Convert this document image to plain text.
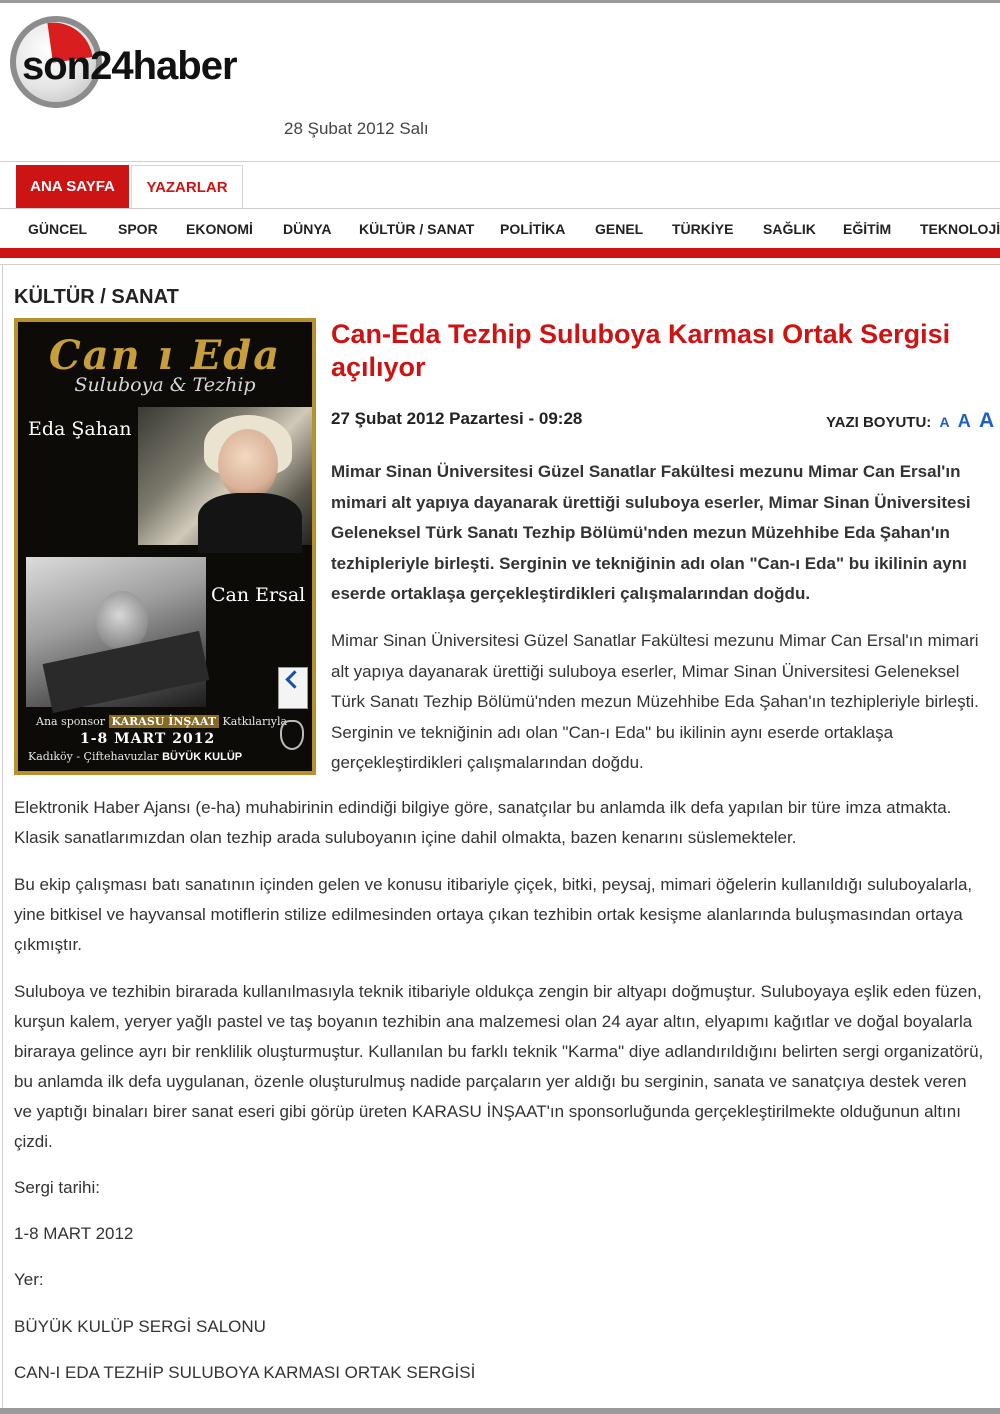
son24haber
28 Şubat 2012 Salı
ANA SAYFA	YAZARLAR
GÜNCEL SPOR EKONOMİ DÜNYA KÜLTÜR / SANAT POLİTİKA GENEL TÜRKİYE SAĞLIK EĞİTİM TEKNOLOJİ
KÜLTÜR / SANAT
Can ı Eda
Suluboya & Tezhip
Eda Şahan
Can Ersal
Ana sponsor KARASU İNŞAAT Katkılarıyla
1-8 MART 2012
Kadıköy - Çiftehavuzlar BÜYÜK KULÜP
Can-Eda Tezhip Suluboya Karması Ortak Sergisi açılıyor
27 Şubat 2012 Pazartesi - 09:28	YAZI BOYUTU: A A A

Mimar Sinan Üniversitesi Güzel Sanatlar Fakültesi mezunu Mimar Can Ersal'ın mimari alt yapıya dayanarak ürettiği suluboya eserler, Mimar Sinan Üniversitesi Geleneksel Türk Sanatı Tezhip Bölümü'nden mezun Müzehhibe Eda Şahan'ın tezhipleriyle birleşti. Serginin ve tekniğinin adı olan "Can-ı Eda" bu ikilinin aynı eserde ortaklaşa gerçekleştirdikleri çalışmalarından doğdu.

Mimar Sinan Üniversitesi Güzel Sanatlar Fakültesi mezunu Mimar Can Ersal'ın mimari alt yapıya dayanarak ürettiği suluboya eserler, Mimar Sinan Üniversitesi Geleneksel Türk Sanatı Tezhip Bölümü'nden mezun Müzehhibe Eda Şahan'ın tezhipleriyle birleşti. Serginin ve tekniğinin adı olan "Can-ı Eda" bu ikilinin aynı eserde ortaklaşa gerçekleştirdikleri çalışmalarından doğdu.

Elektronik Haber Ajansı (e-ha) muhabirinin edindiği bilgiye göre, sanatçılar bu anlamda ilk defa yapılan bir türe imza atmakta. Klasik sanatlarımızdan olan tezhip arada suluboyanın içine dahil olmakta, bazen kenarını süslemekteler.

Bu ekip çalışması batı sanatının içinden gelen ve konusu itibariyle çiçek, bitki, peysaj, mimari öğelerin kullanıldığı suluboyalarla, yine bitkisel ve hayvansal motiflerin stilize edilmesinden ortaya çıkan tezhibin ortak kesişme alanlarında buluşmasından ortaya çıkmıştır.

Suluboya ve tezhibin birarada kullanılmasıyla teknik itibariyle oldukça zengin bir altyapı doğmuştur. Suluboyaya eşlik eden füzen, kurşun kalem, yeryer yağlı pastel ve taş boyanın tezhibin ana malzemesi olan 24 ayar altın, elyapımı kağıtlar ve doğal boyalarla biraraya gelince ayrı bir renklilik oluşturmuştur. Kullanılan bu farklı teknik "Karma" diye adlandırıldığını belirten sergi organizatörü, bu anlamda ilk defa uygulanan, özenle oluşturulmuş nadide parçaların yer aldığı bu serginin, sanata ve sanatçıya destek veren ve yaptığı binaları birer sanat eseri gibi görüp üreten KARASU İNŞAAT'ın sponsorluğunda gerçekleştirilmekte olduğunun altını çizdi.

Sergi tarihi:
1-8 MART 2012
Yer:
BÜYÜK KULÜP SERGİ SALONU
CAN-I EDA TEZHİP SULUBOYA KARMASI ORTAK SERGİSİ
